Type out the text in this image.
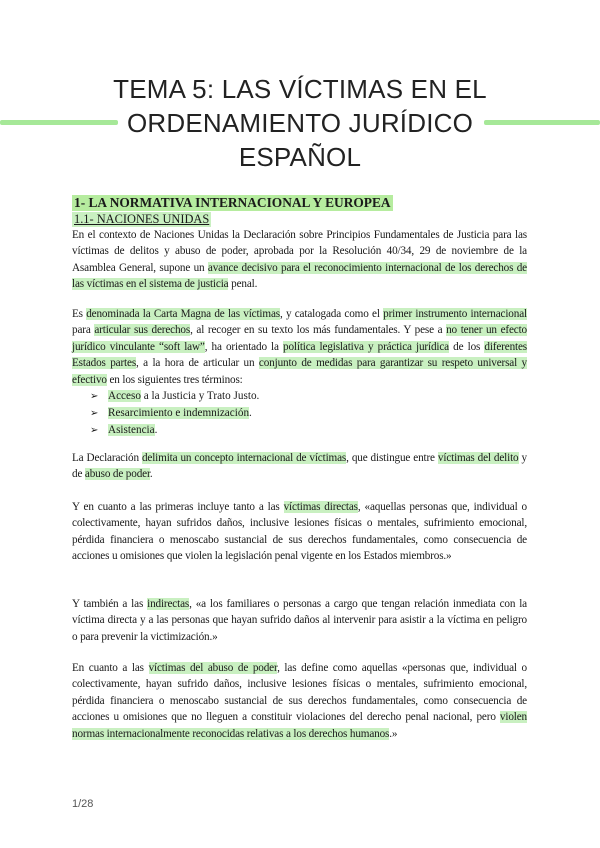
TEMA 5: LAS VÍCTIMAS EN EL
ORDENAMIENTO JURÍDICO
ESPAÑOL
1- LA NORMATIVA INTERNACIONAL Y EUROPEA
1.1- NACIONES UNIDAS

En el contexto de Naciones Unidas la Declaración sobre Principios Fundamentales de Justicia para las víctimas de delitos y abuso de poder, aprobada por la Resolución 40/34, 29 de noviembre de la Asamblea General, supone un avance decisivo para el reconocimiento internacional de los derechos de las víctimas en el sistema de justicia penal.

Es denominada la Carta Magna de las víctimas, y catalogada como el primer instrumento internacional para articular sus derechos, al recoger en su texto los más fundamentales. Y pese a no tener un efecto jurídico vinculante “soft law”, ha orientado la política legislativa y práctica jurídica de los diferentes Estados partes, a la hora de articular un conjunto de medidas para garantizar su respeto universal y efectivo en los siguientes tres términos:

➢ Acceso a la Justicia y Trato Justo.
➢ Resarcimiento e indemnización.
➢ Asistencia.

La Declaración delimita un concepto internacional de víctimas, que distingue entre víctimas del delito y de abuso de poder.

Y en cuanto a las primeras incluye tanto a las víctimas directas, «aquellas personas que, individual o colectivamente, hayan sufridos daños, inclusive lesiones físicas o mentales, sufrimiento emocional, pérdida financiera o menoscabo sustancial de sus derechos fundamentales, como consecuencia de acciones u omisiones que violen la legislación penal vigente en los Estados miembros.»

Y también a las indirectas, «a los familiares o personas a cargo que tengan relación inmediata con la víctima directa y a las personas que hayan sufrido daños al intervenir para asistir a la víctima en peligro o para prevenir la victimización.»

En cuanto a las víctimas del abuso de poder, las define como aquellas «personas que, individual o colectivamente, hayan sufrido daños, inclusive lesiones físicas o mentales, sufrimiento emocional, pérdida financiera o menoscabo sustancial de sus derechos fundamentales, como consecuencia de acciones u omisiones que no lleguen a constituir violaciones del derecho penal nacional, pero violen normas internacionalmente reconocidas relativas a los derechos humanos.»

1/28
